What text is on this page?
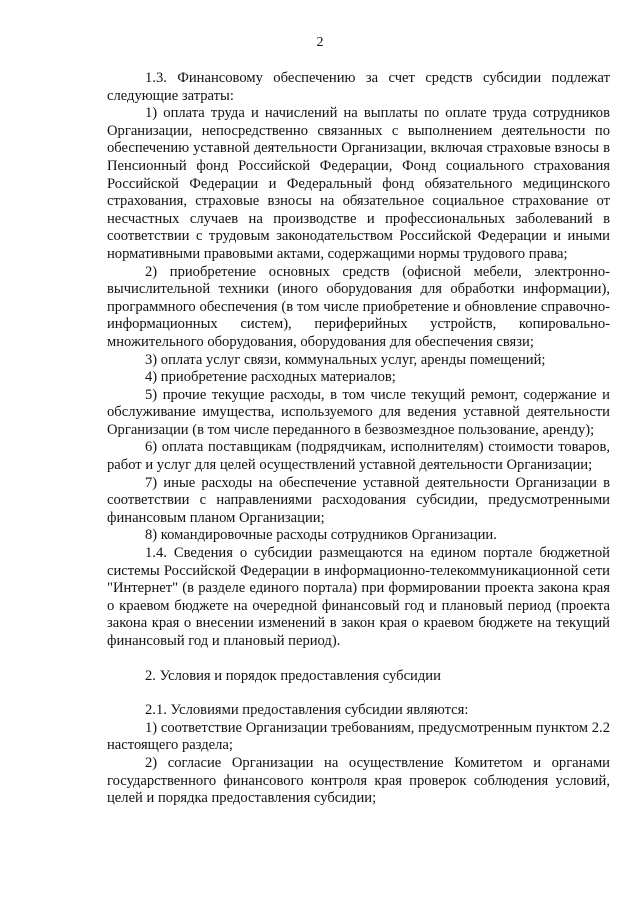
2

1.3. Финансовому обеспечению за счет средств субсидии подлежат следующие затраты:

1) оплата труда и начислений на выплаты по оплате труда сотрудников Организации, непосредственно связанных с выполнением деятельности по обеспечению уставной деятельности Организации, включая страховые взносы в Пенсионный фонд Российской Федерации, Фонд социального страхования Российской Федерации и Федеральный фонд обязательного медицинского страхования, страховые взносы на обязательное социальное страхование от несчастных случаев на производстве и профессиональных заболеваний в соответствии с трудовым законодательством Российской Федерации и иными нормативными правовыми актами, содержащими нормы трудового права;

2) приобретение основных средств (офисной мебели, электронно-вычислительной техники (иного оборудования для обработки информации), программного обеспечения (в том числе приобретение и обновление справочно-информационных систем), периферийных устройств, копировально-множительного оборудования, оборудования для обеспечения связи;

3) оплата услуг связи, коммунальных услуг, аренды помещений;

4) приобретение расходных материалов;

5) прочие текущие расходы, в том числе текущий ремонт, содержание и обслуживание имущества, используемого для ведения уставной деятельности Организации (в том числе переданного в безвозмездное пользование, аренду);

6) оплата поставщикам (подрядчикам, исполнителям) стоимости товаров, работ и услуг для целей осуществлений уставной деятельности Организации;

7) иные расходы на обеспечение уставной деятельности Организации в соответствии с направлениями расходования субсидии, предусмотренными финансовым планом Организации;

8) командировочные расходы сотрудников Организации.

1.4. Сведения о субсидии размещаются на едином портале бюджетной системы Российской Федерации в информационно-телекоммуникационной сети "Интернет" (в разделе единого портала) при формировании проекта закона края о краевом бюджете на очередной финансовый год и плановый период (проекта закона края о внесении изменений в закон края о краевом бюджете на текущий финансовый год и плановый период).

2. Условия и порядок предоставления субсидии

2.1. Условиями предоставления субсидии являются:

1) соответствие Организации требованиям, предусмотренным пунктом 2.2 настоящего раздела;

2) согласие Организации на осуществление Комитетом и органами государственного финансового контроля края проверок соблюдения условий, целей и порядка предоставления субсидии;
